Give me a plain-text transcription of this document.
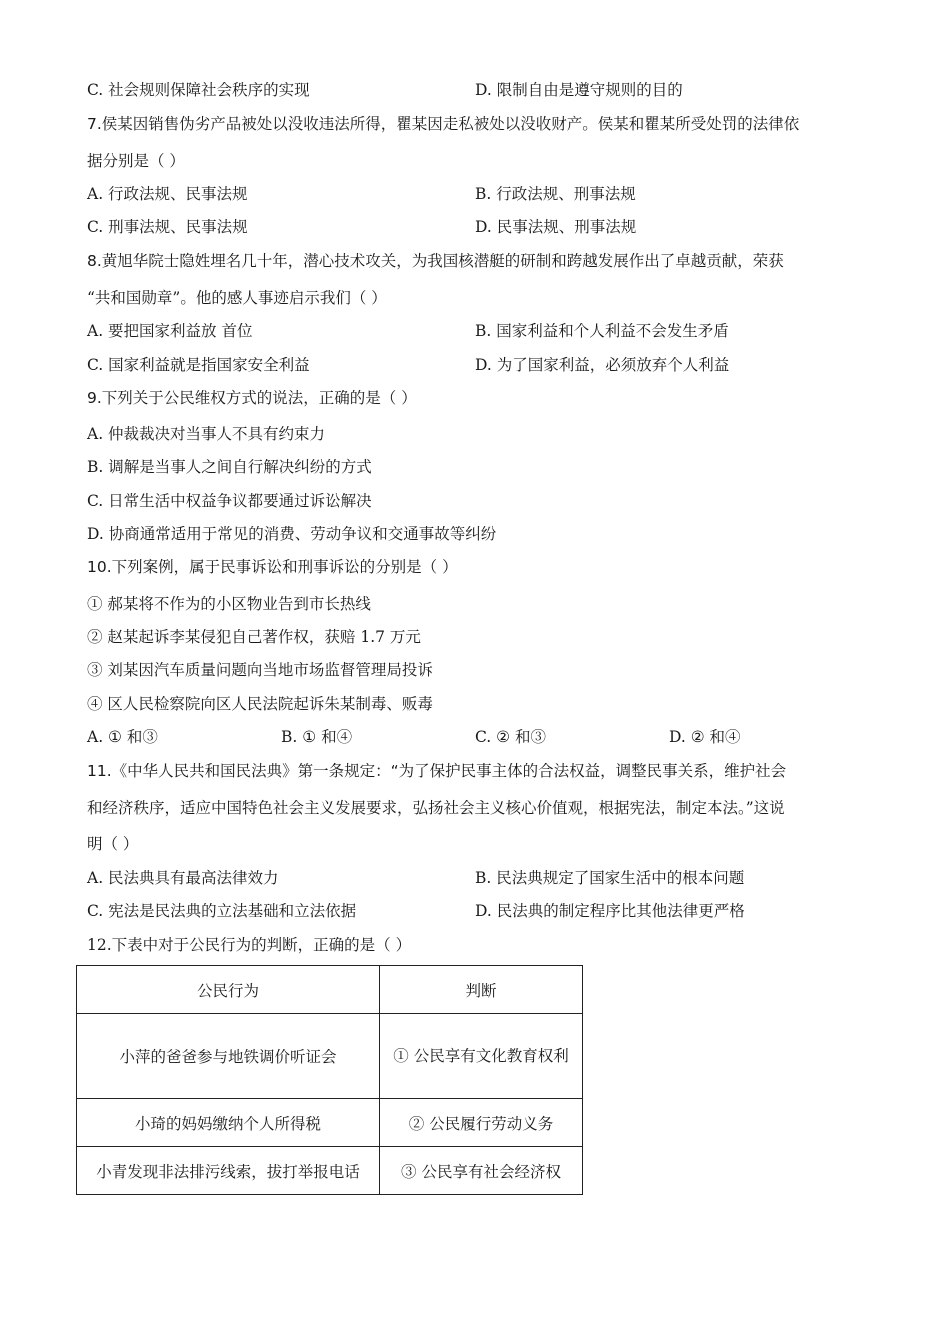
C. 社会规则保障社会秩序的实现	D. 限制自由是遵守规则的目的
7.侯某因销售伪劣产品被处以没收违法所得，瞿某因走私被处以没收财产。侯某和瞿某所受处罚的法律依
据分别是（ ）
A. 行政法规、民事法规	B. 行政法规、刑事法规
C. 刑事法规、民事法规	D. 民事法规、刑事法规
8.黄旭华院士隐姓埋名几十年，潜心技术攻关，为我国核潜艇的研制和跨越发展作出了卓越贡献，荣获
“共和国勋章”。他的感人事迹启示我们（ ）
A. 要把国家利益放 首位	B. 国家利益和个人利益不会发生矛盾
C. 国家利益就是指国家安全利益	D. 为了国家利益，必须放弃个人利益
9.下列关于公民维权方式的说法，正确的是（ ）
A. 仲裁裁决对当事人不具有约束力
B. 调解是当事人之间自行解决纠纷的方式
C. 日常生活中权益争议都要通过诉讼解决
D. 协商通常适用于常见的消费、劳动争议和交通事故等纠纷
10.下列案例，属于民事诉讼和刑事诉讼的分别是（ ）
① 郝某将不作为的小区物业告到市长热线
② 赵某起诉李某侵犯自己著作权，获赔 1.7 万元
③ 刘某因汽车质量问题向当地市场监督管理局投诉
④ 区人民检察院向区人民法院起诉朱某制毒、贩毒
A. ① 和③	B. ① 和④	C. ② 和③	D. ② 和④
11.《中华人民共和国民法典》第一条规定：“为了保护民事主体的合法权益，调整民事关系，维护社会
和经济秩序，适应中国特色社会主义发展要求，弘扬社会主义核心价值观，根据宪法，制定本法。”这说
明（ ）
A. 民法典具有最高法律效力	B. 民法典规定了国家生活中的根本问题
C. 宪法是民法典的立法基础和立法依据	D. 民法典的制定程序比其他法律更严格
12.下表中对于公民行为的判断，正确的是（ ）
公民行为	判断
小萍的爸爸参与地铁调价听证会	① 公民享有文化教育权利
小琦的妈妈缴纳个人所得税	② 公民履行劳动义务
小青发现非法排污线索，拔打举报电话	③ 公民享有社会经济权
